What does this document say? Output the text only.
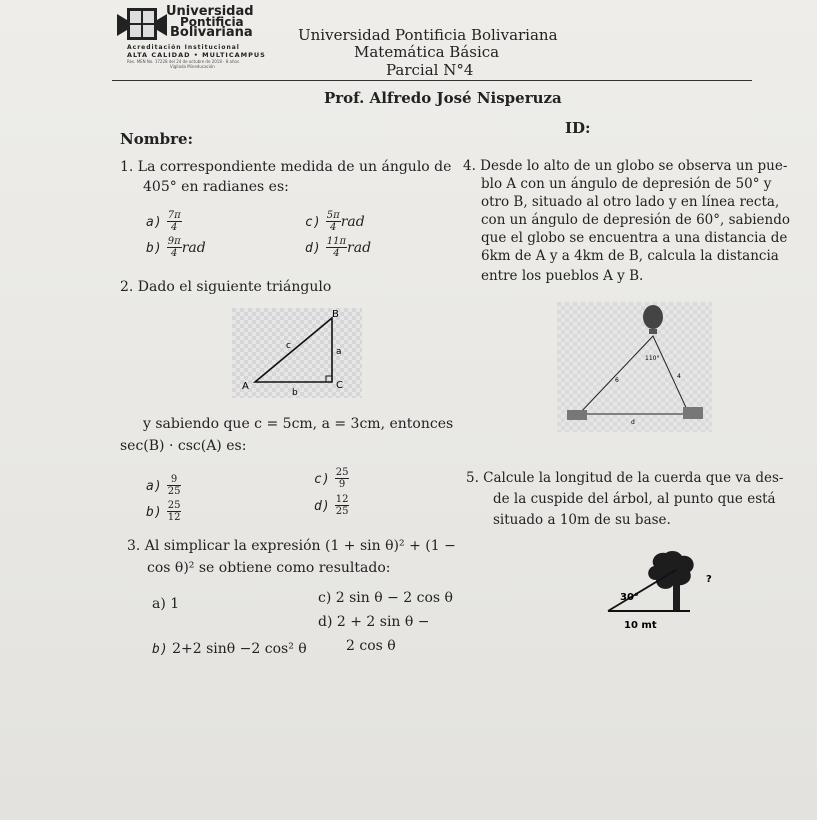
Universidad
Pontificia
Bolivariana
Acreditación Institucional
ALTA CALIDAD • MULTICAMPUS
Res. MEN No. 17228 del 24 de octubre de 2018 · 8 años
Vigilada Mineducación
Universidad Pontificia Bolivariana
Matemática Básica
Parcial N°4
Prof. Alfredo José Nisperuza
Nombre:
ID:
1. La correspondiente medida de un ángulo de
405° en radianes es:
$a) \frac{7\pi}{4}$
$b) \frac{9\pi}{4}$ rad
$c) \frac{5\pi}{4}$ rad
$d) \frac{11\pi}{4}$ rad
2. Dado el siguiente triángulo
B
A	C
a
b
c
y sabiendo que c = 5cm, a = 3cm, entonces
sec(B) · csc(A) es:
$a) \frac{9}{25}$
$b) \frac{25}{12}$
$c) \frac{25}{9}$
$d) \frac{12}{25}$
3. Al simplicar la expresión (1 + sin θ)² + (1 −
cos θ)² se obtiene como resultado:
a) 1
b) 2+2 sinθ −2 cos² θ
c) 2 sin θ − 2 cos θ
d) 2 + 2 sin θ −
2 cos θ
4. Desde lo alto de un globo se observa un pue-
blo A con un ángulo de depresión de 50° y
otro B, situado al otro lado y en línea recta,
con un ángulo de depresión de 60°, sabiendo
que el globo se encuentra a una distancia de
6km de A y a 4km de B, calcula la distancia
entre los pueblos A y B.
110°
6
4
d
5. Calcule la longitud de la cuerda que va des-
de la cuspide del árbol, al punto que está
situado a 10m de su base.
?
30°
10 mt
